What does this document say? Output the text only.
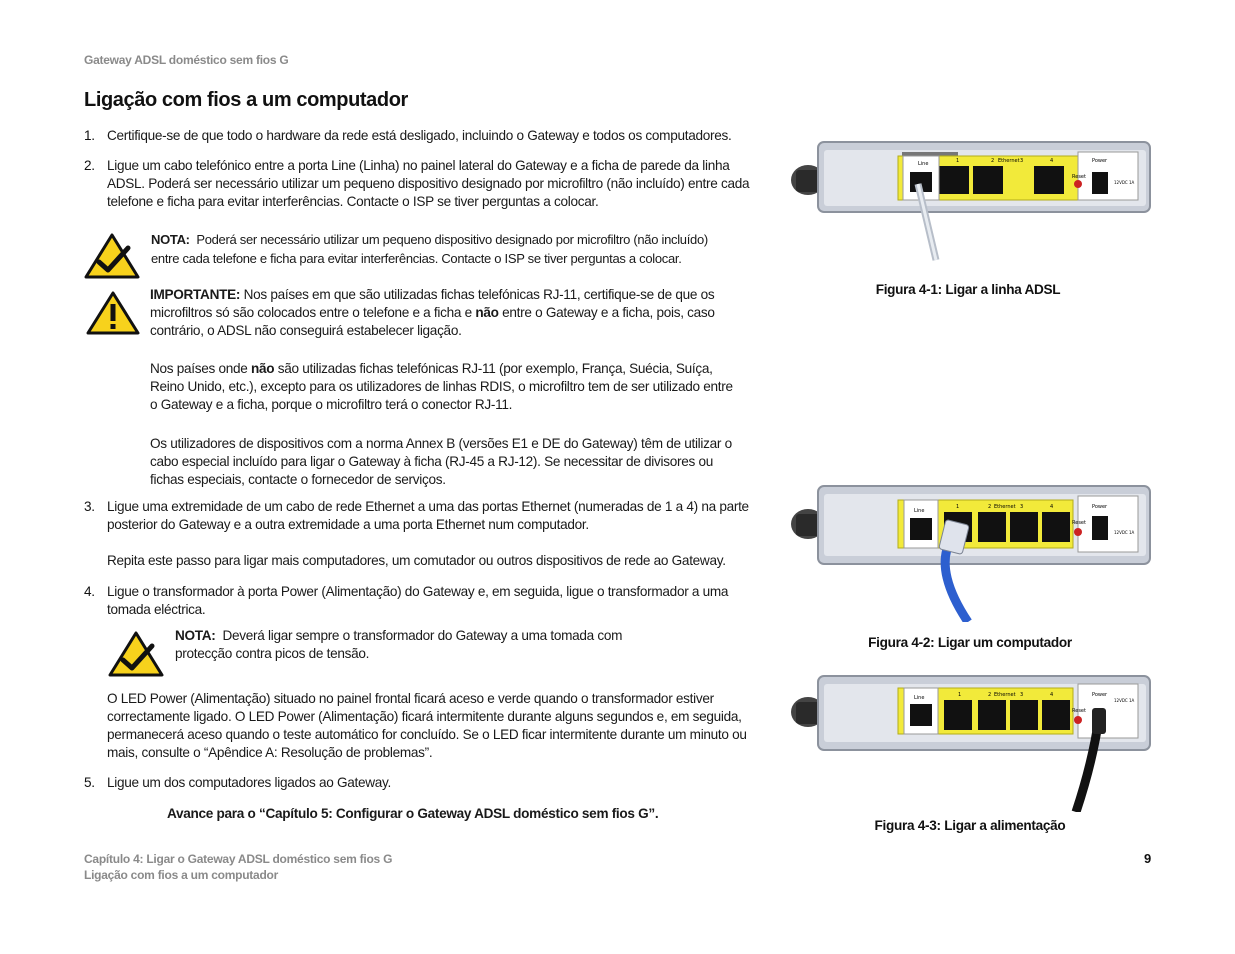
Gateway ADSL doméstico sem fios G
Ligação com fios a um computador
1. Certifique-se de que todo o hardware da rede está desligado, incluindo o Gateway e todos os computadores.
2. Ligue um cabo telefónico entre a porta Line (Linha) no painel lateral do Gateway e a ficha de parede da linha ADSL. Poderá ser necessário utilizar um pequeno dispositivo designado por microfiltro (não incluído) entre cada telefone e ficha para evitar interferências. Contacte o ISP se tiver perguntas a colocar.
NOTA: Poderá ser necessário utilizar um pequeno dispositivo designado por microfiltro (não incluído)
entre cada telefone e ficha para evitar interferências. Contacte o ISP se tiver perguntas a colocar.
IMPORTANTE: Nos países em que são utilizadas fichas telefónicas RJ-11, certifique-se de que os microfiltros só são colocados entre o telefone e a ficha e não entre o Gateway e a ficha, pois, caso contrário, o ADSL não conseguirá estabelecer ligação.
Nos países onde não são utilizadas fichas telefónicas RJ-11 (por exemplo, França, Suécia, Suíça, Reino Unido, etc.), excepto para os utilizadores de linhas RDIS, o microfiltro tem de ser utilizado entre o Gateway e a ficha, porque o microfiltro terá o conector RJ-11.
Os utilizadores de dispositivos com a norma Annex B (versões E1 e DE do Gateway) têm de utilizar o cabo especial incluído para ligar o Gateway à ficha (RJ-45 a RJ-12). Se necessitar de divisores ou fichas especiais, contacte o fornecedor de serviços.
3. Ligue uma extremidade de um cabo de rede Ethernet a uma das portas Ethernet (numeradas de 1 a 4) na parte posterior do Gateway e a outra extremidade a uma porta Ethernet num computador.
Repita este passo para ligar mais computadores, um comutador ou outros dispositivos de rede ao Gateway.
4. Ligue o transformador à porta Power (Alimentação) do Gateway e, em seguida, ligue o transformador a uma tomada eléctrica.
NOTA: Deverá ligar sempre o transformador do Gateway a uma tomada com
protecção contra picos de tensão.
O LED Power (Alimentação) situado no painel frontal ficará aceso e verde quando o transformador estiver correctamente ligado. O LED Power (Alimentação) ficará intermitente durante alguns segundos e, em seguida, permanecerá aceso quando o teste automático for concluído. Se o LED ficar intermitente durante um minuto ou mais, consulte o “Apêndice A: Resolução de problemas”.
5. Ligue um dos computadores ligados ao Gateway.
Avance para o “Capítulo 5: Configurar o Gateway ADSL doméstico sem fios G”.
Line	1	2 Ethernet 3	4
Reset
Power
12VDC 1A
Figura 4-1: Ligar a linha ADSL
Line
1	2 Ethernet 3	4
Reset
Power
12VDC 1A
Figura 4-2: Ligar um computador
Line	1	2 Ethernet 3	4
Reset
Power
12VDC 1A
Figura 4-3: Ligar a alimentação
Capítulo 4: Ligar o Gateway ADSL doméstico sem fios G
Ligação com fios a um computador
9
